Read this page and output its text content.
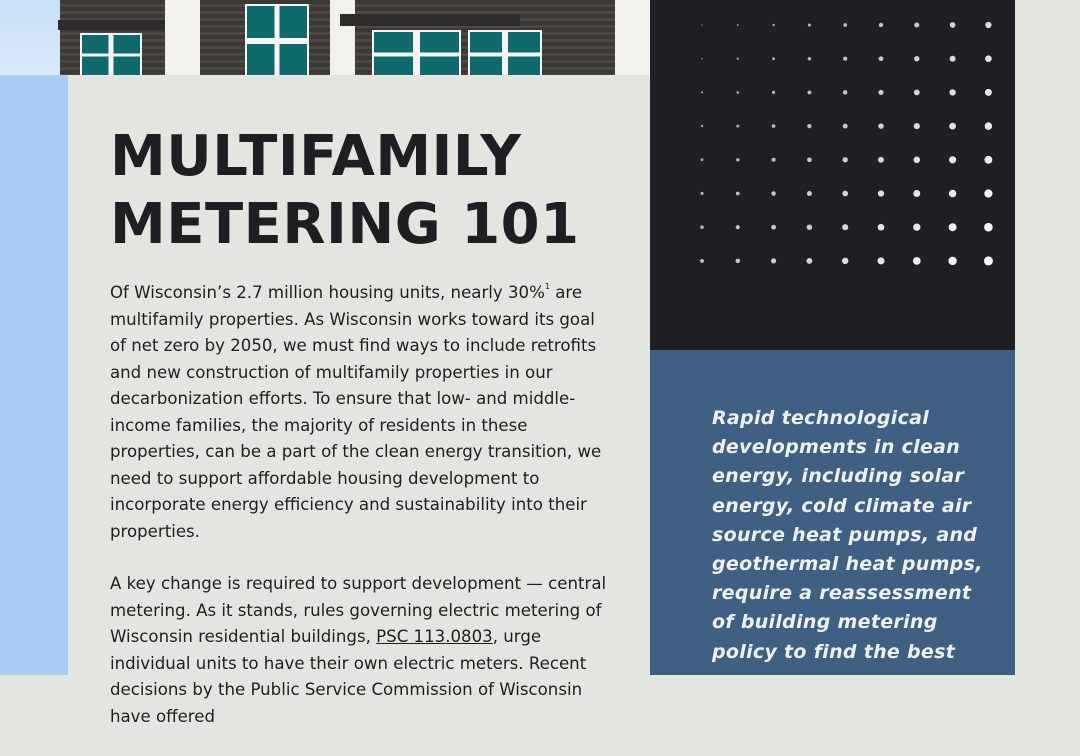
MULTIFAMILY
METERING 101

Of Wisconsin’s 2.7 million housing units, nearly 30%$^1$ are multifamily properties. As Wisconsin works toward its goal of net zero by 2050, we must find ways to include retrofits and new construction of multifamily properties in our decarbonization efforts. To ensure that low- and middle-income families, the majority of residents in these properties, can be a part of the clean energy transition, we need to support affordable housing development to incorporate energy efficiency and sustainability into their properties.

A key change is required to support development — central metering. As it stands, rules governing electric metering of Wisconsin residential buildings, PSC 113.0803, urge individual units to have their own electric meters. Recent decisions by the Public Service Commission of Wisconsin have offered

Rapid technological developments in clean energy, including solar energy, cold climate air source heat pumps, and geothermal heat pumps, require a reassessment of building metering policy to find the best
